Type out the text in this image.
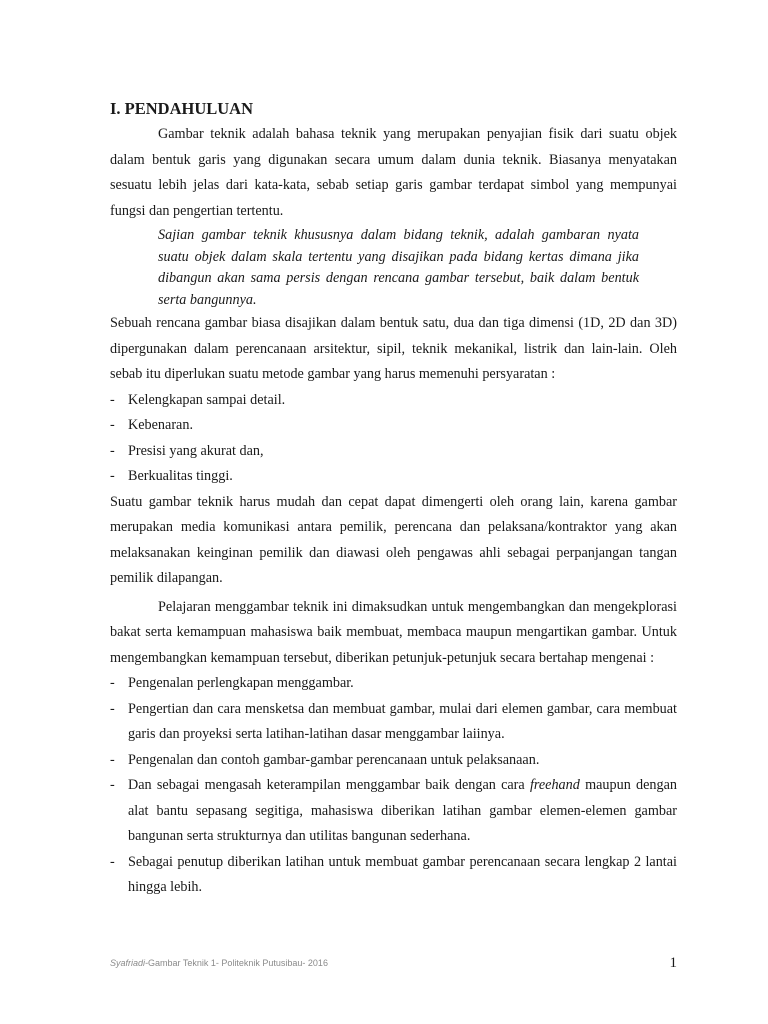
I. PENDAHULUAN

Gambar teknik adalah bahasa teknik yang merupakan penyajian fisik dari suatu objek dalam bentuk garis yang digunakan secara umum dalam dunia teknik. Biasanya menyatakan sesuatu lebih jelas dari kata-kata, sebab setiap garis gambar terdapat simbol yang mempunyai fungsi dan pengertian tertentu.

Sajian gambar teknik khususnya dalam bidang teknik, adalah gambaran nyata suatu objek dalam skala tertentu yang disajikan pada bidang kertas dimana jika dibangun akan sama persis dengan rencana gambar tersebut, baik dalam bentuk serta bangunnya.

Sebuah rencana gambar biasa disajikan dalam bentuk satu, dua dan tiga dimensi (1D, 2D dan 3D) dipergunakan dalam perencanaan arsitektur, sipil, teknik mekanikal, listrik dan lain-lain. Oleh sebab itu diperlukan suatu metode gambar yang harus memenuhi persyaratan :

- Kelengkapan sampai detail.
- Kebenaran.
- Presisi yang akurat dan,
- Berkualitas tinggi.

Suatu gambar teknik harus mudah dan cepat dapat dimengerti oleh orang lain, karena gambar merupakan media komunikasi antara pemilik, perencana dan pelaksana/kontraktor yang akan melaksanakan keinginan pemilik dan diawasi oleh pengawas ahli sebagai perpanjangan tangan pemilik dilapangan.

Pelajaran menggambar teknik ini dimaksudkan untuk mengembangkan dan mengekplorasi bakat serta kemampuan mahasiswa baik membuat, membaca maupun mengartikan gambar. Untuk mengembangkan kemampuan tersebut, diberikan petunjuk-petunjuk secara bertahap mengenai :

- Pengenalan perlengkapan menggambar.
- Pengertian dan cara mensketsa dan membuat gambar, mulai dari elemen gambar, cara membuat garis dan proyeksi serta latihan-latihan dasar menggambar laiinya.
- Pengenalan dan contoh gambar-gambar perencanaan untuk pelaksanaan.
- Dan sebagai mengasah keterampilan menggambar baik dengan cara freehand maupun dengan alat bantu sepasang segitiga, mahasiswa diberikan latihan gambar elemen-elemen gambar bangunan serta strukturnya dan utilitas bangunan sederhana.
- Sebagai penutup diberikan latihan untuk membuat gambar perencanaan secara lengkap 2 lantai hingga lebih.
Syafriadi-Gambar Teknik 1- Politeknik Putusibau- 2016	1
